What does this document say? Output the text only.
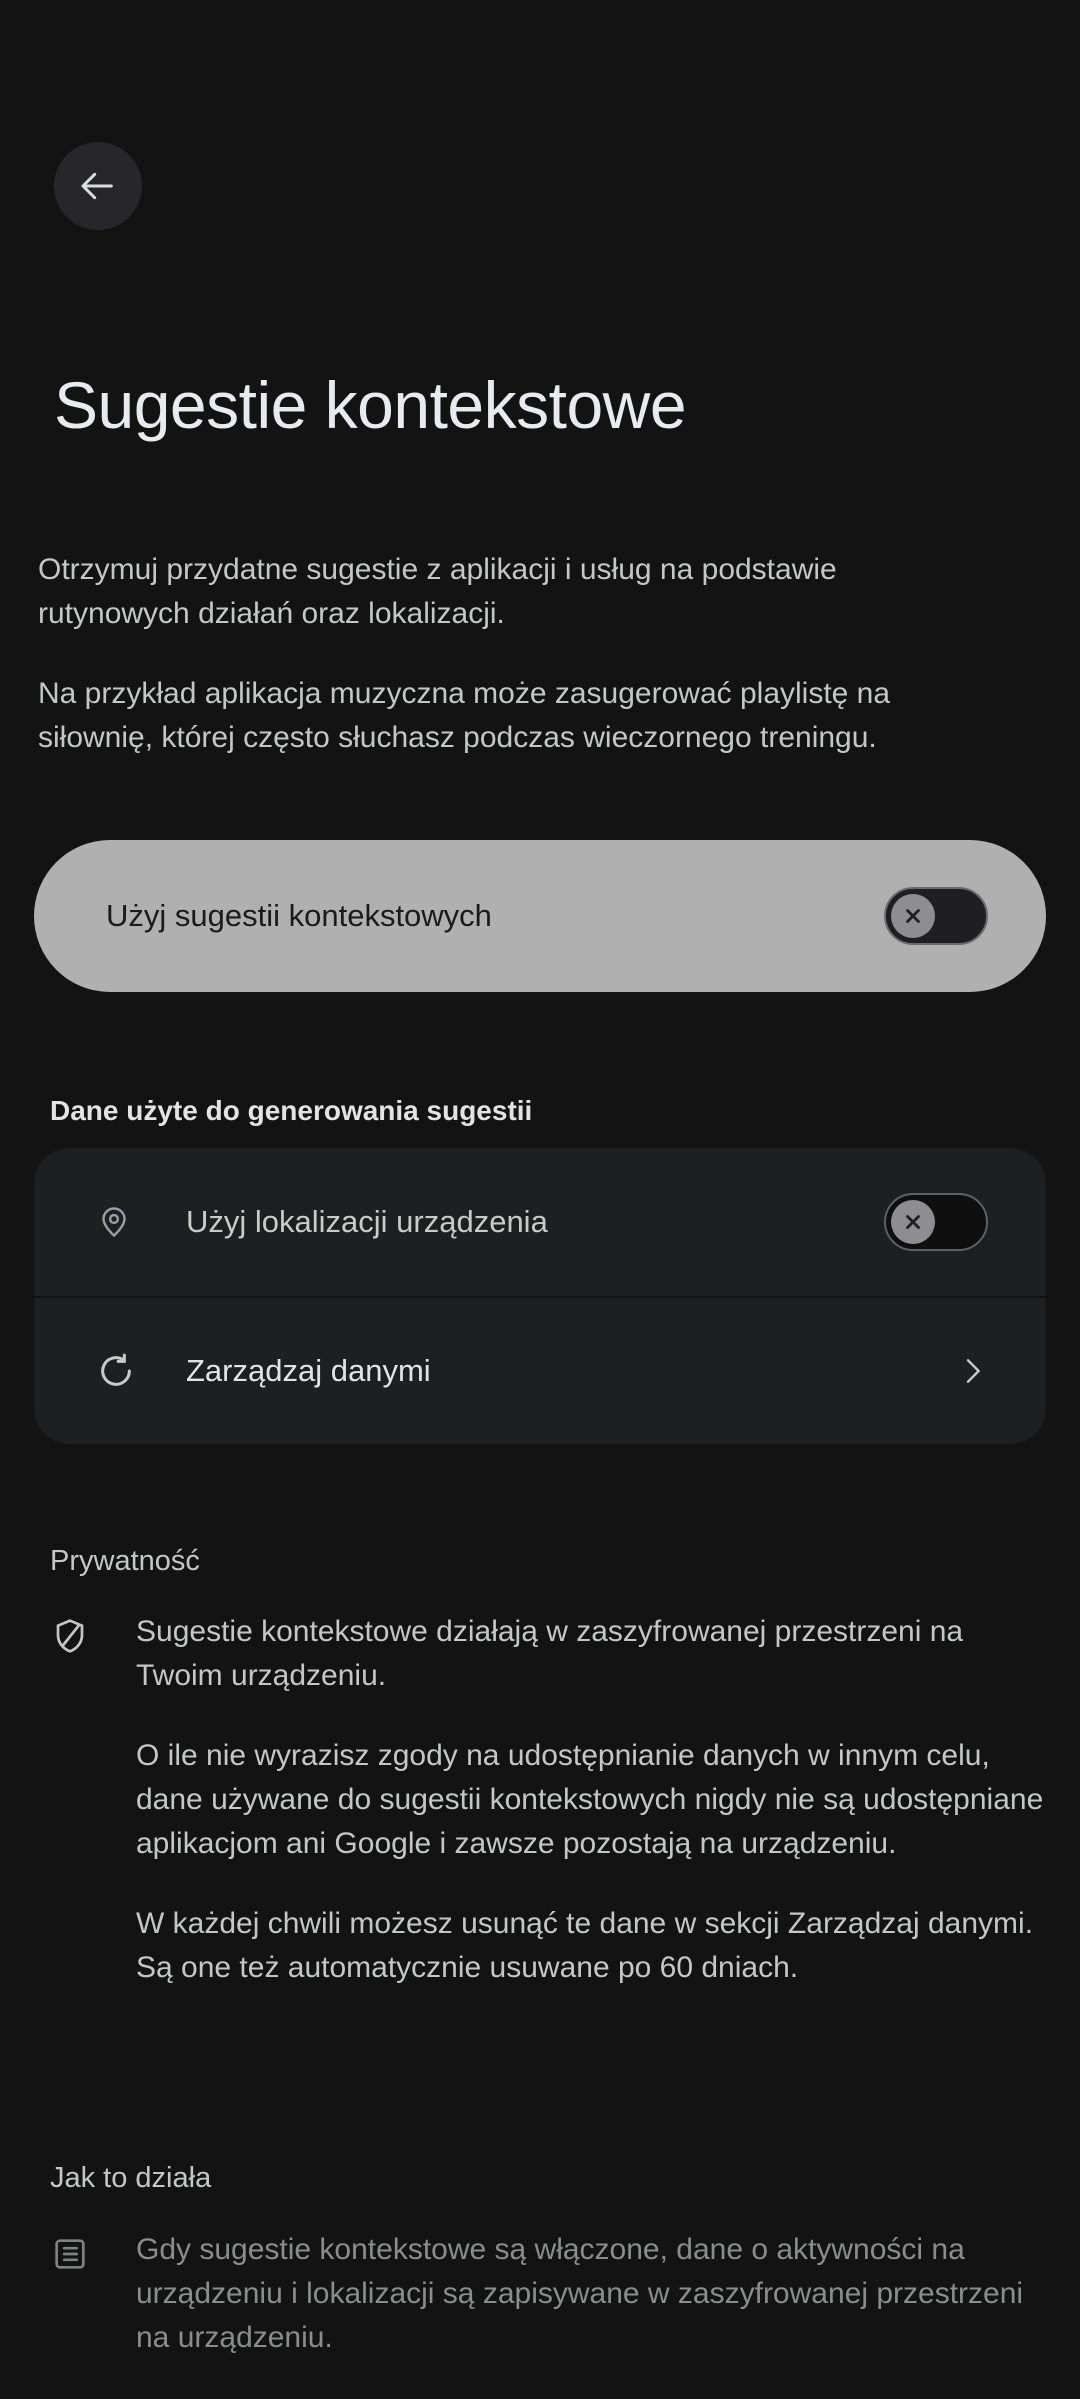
Sugestie kontekstowe

Otrzymuj przydatne sugestie z aplikacji i usług na podstawie rutynowych działań oraz lokalizacji.

Na przykład aplikacja muzyczna może zasugerować playlistę na siłownię, której często słuchasz podczas wieczornego treningu.

Użyj sugestii kontekstowych
Dane użyte do generowania sugestii
Użyj lokalizacji urządzenia
Zarządzaj danymi
Prywatność

Sugestie kontekstowe działają w zaszyfrowanej przestrzeni na Twoim urządzeniu.

O ile nie wyrazisz zgody na udostępnianie danych w innym celu, dane używane do sugestii kontekstowych nigdy nie są udostępniane aplikacjom ani Google i zawsze pozostają na urządzeniu.

W każdej chwili możesz usunąć te dane w sekcji Zarządzaj danymi. Są one też automatycznie usuwane po 60 dniach.

Jak to działa

Gdy sugestie kontekstowe są włączone, dane o aktywności na urządzeniu i lokalizacji są zapisywane w zaszyfrowanej przestrzeni na urządzeniu.
